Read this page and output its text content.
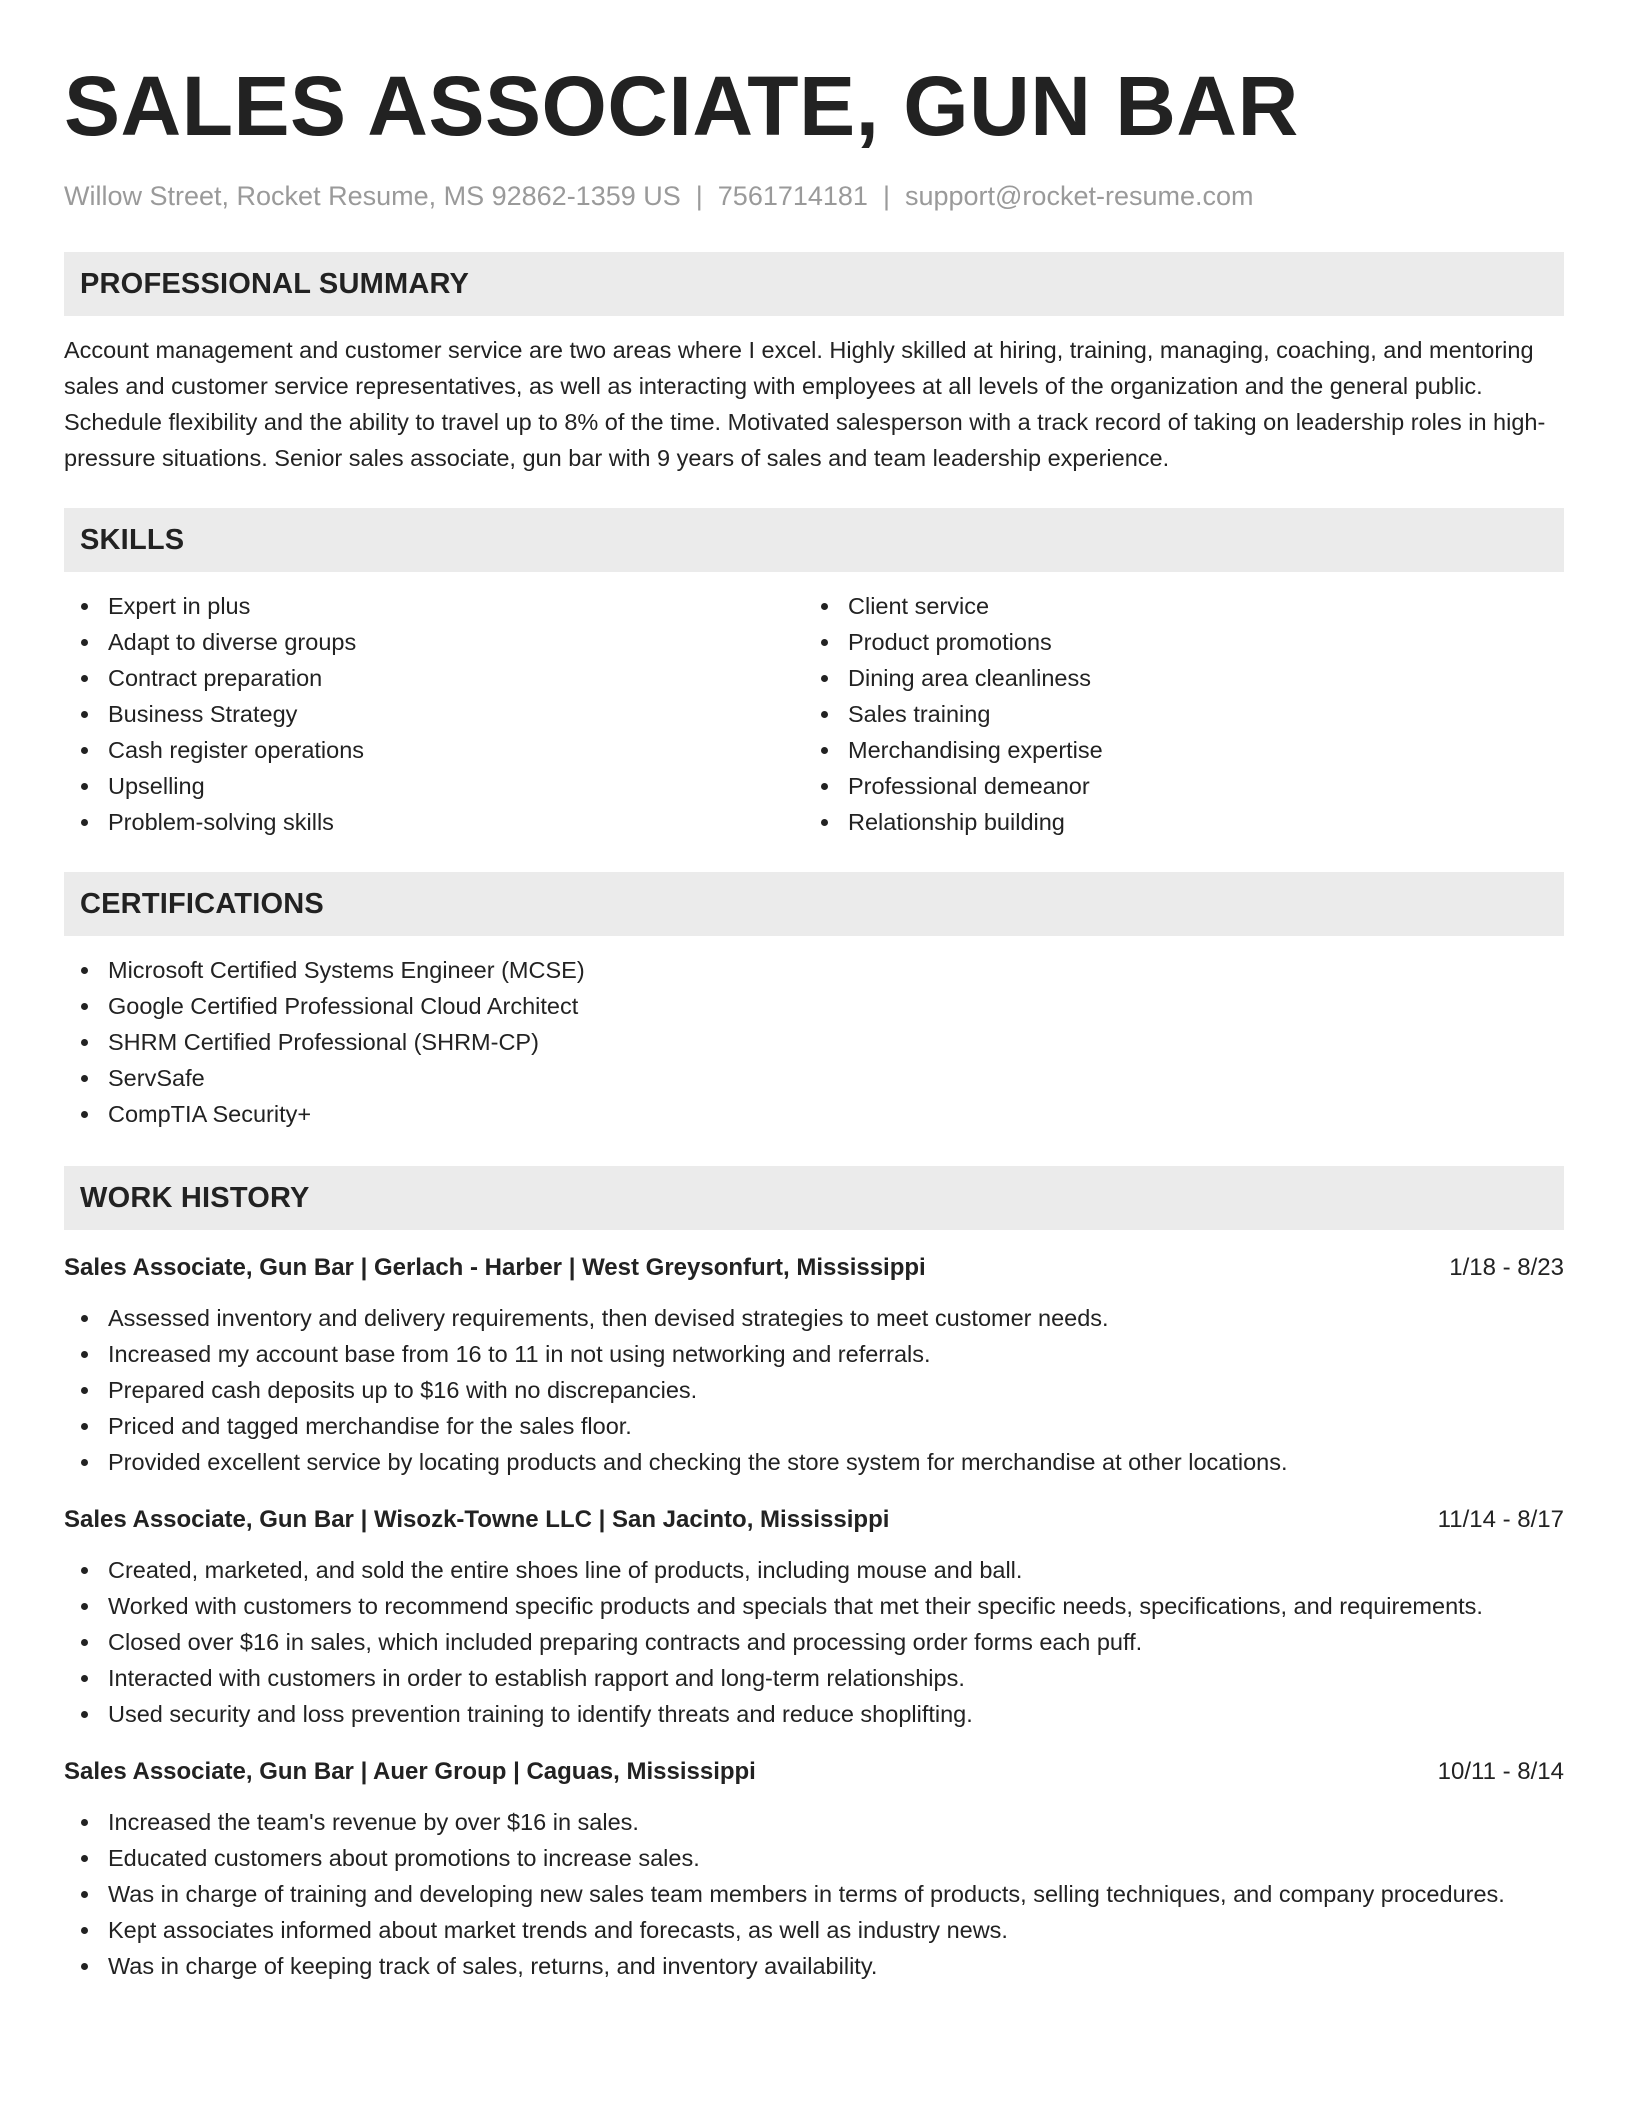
SALES ASSOCIATE, GUN BAR
Willow Street, Rocket Resume, MS 92862-1359 US | 7561714181 | support@rocket-resume.com
PROFESSIONAL SUMMARY

Account management and customer service are two areas where I excel. Highly skilled at hiring, training, managing, coaching, and mentoring sales and customer service representatives, as well as interacting with employees at all levels of the organization and the general public. Schedule flexibility and the ability to travel up to 8% of the time. Motivated salesperson with a track record of taking on leadership roles in high-pressure situations. Senior sales associate, gun bar with 9 years of sales and team leadership experience.

SKILLS
Expert in plus
Adapt to diverse groups
Contract preparation
Business Strategy
Cash register operations
Upselling
Problem-solving skills
Client service
Product promotions
Dining area cleanliness
Sales training
Merchandising expertise
Professional demeanor
Relationship building
CERTIFICATIONS
Microsoft Certified Systems Engineer (MCSE)
Google Certified Professional Cloud Architect
SHRM Certified Professional (SHRM-CP)
ServSafe
CompTIA Security+
WORK HISTORY
Sales Associate, Gun Bar | Gerlach - Harber | West Greysonfurt, Mississippi	1/18 - 8/23
Assessed inventory and delivery requirements, then devised strategies to meet customer needs.
Increased my account base from 16 to 11 in not using networking and referrals.
Prepared cash deposits up to $16 with no discrepancies.
Priced and tagged merchandise for the sales floor.
Provided excellent service by locating products and checking the store system for merchandise at other locations.
Sales Associate, Gun Bar | Wisozk-Towne LLC | San Jacinto, Mississippi	11/14 - 8/17
Created, marketed, and sold the entire shoes line of products, including mouse and ball.
Worked with customers to recommend specific products and specials that met their specific needs, specifications, and requirements.
Closed over $16 in sales, which included preparing contracts and processing order forms each puff.
Interacted with customers in order to establish rapport and long-term relationships.
Used security and loss prevention training to identify threats and reduce shoplifting.
Sales Associate, Gun Bar | Auer Group | Caguas, Mississippi	10/11 - 8/14
Increased the team's revenue by over $16 in sales.
Educated customers about promotions to increase sales.
Was in charge of training and developing new sales team members in terms of products, selling techniques, and company procedures.
Kept associates informed about market trends and forecasts, as well as industry news.
Was in charge of keeping track of sales, returns, and inventory availability.
